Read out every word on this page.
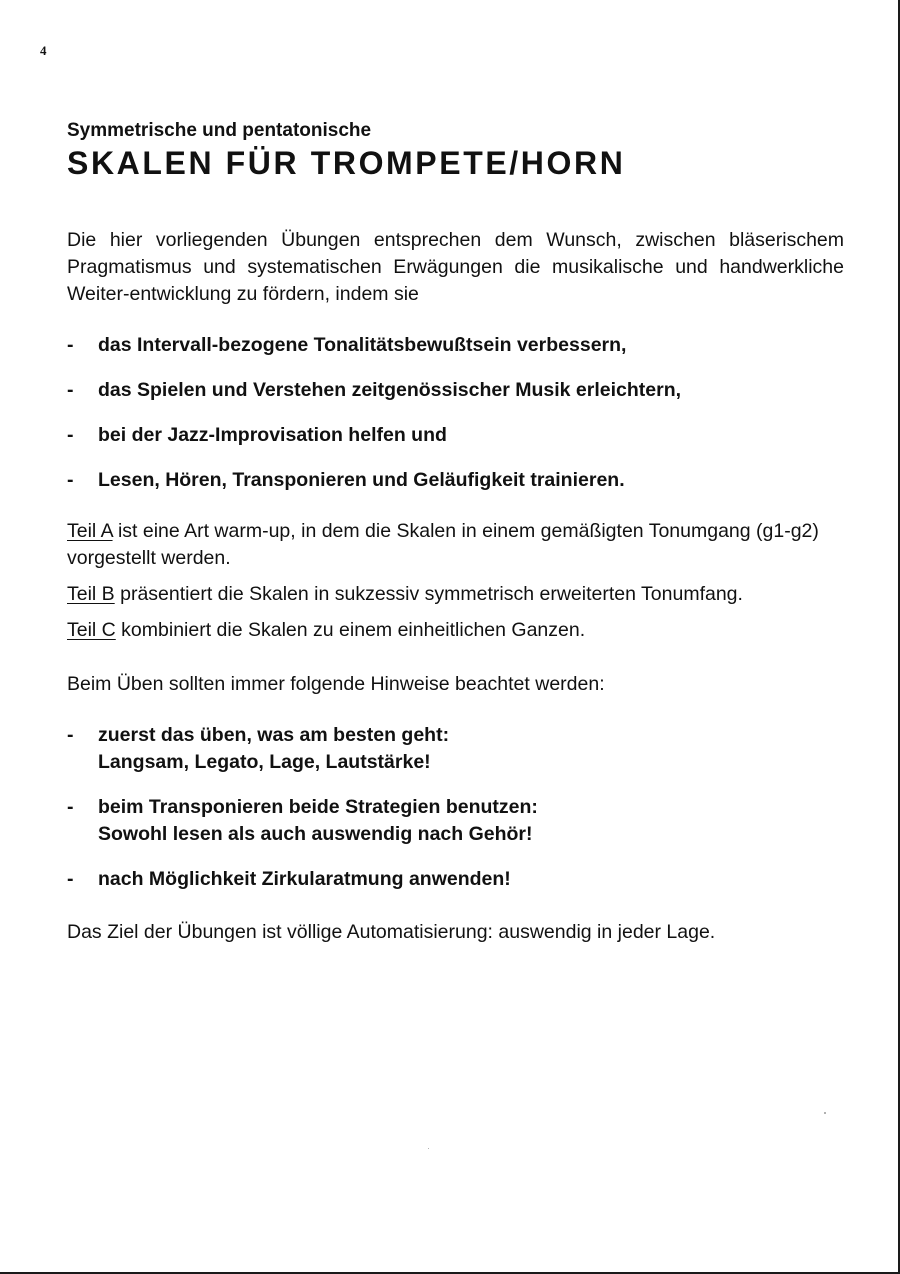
4

Symmetrische und pentatonische

SKALEN FÜR TROMPETE/HORN

Die hier vorliegenden Übungen entsprechen dem Wunsch, zwischen bläserischem Pragmatismus und systematischen Erwägungen die musikalische und handwerkliche Weiter-entwicklung zu fördern, indem sie

-	das Intervall-bezogene Tonalitätsbewußtsein verbessern,
-	das Spielen und Verstehen zeitgenössischer Musik erleichtern,
-	bei der Jazz-Improvisation helfen und
-	Lesen, Hören, Transponieren und Geläufigkeit trainieren.

Teil A ist eine Art warm-up, in dem die Skalen in einem gemäßigten Tonumgang (g1-g2) vorgestellt werden.

Teil B präsentiert die Skalen in sukzessiv symmetrisch erweiterten Tonumfang.

Teil C kombiniert die Skalen zu einem einheitlichen Ganzen.

Beim Üben sollten immer folgende Hinweise beachtet werden:

-	zuerst das üben, was am besten geht:
Langsam, Legato, Lage, Lautstärke!
-	beim Transponieren beide Strategien benutzen:
Sowohl lesen als auch auswendig nach Gehör!
-	nach Möglichkeit Zirkularatmung anwenden!

Das Ziel der Übungen ist völlige Automatisierung: auswendig in jeder Lage.
